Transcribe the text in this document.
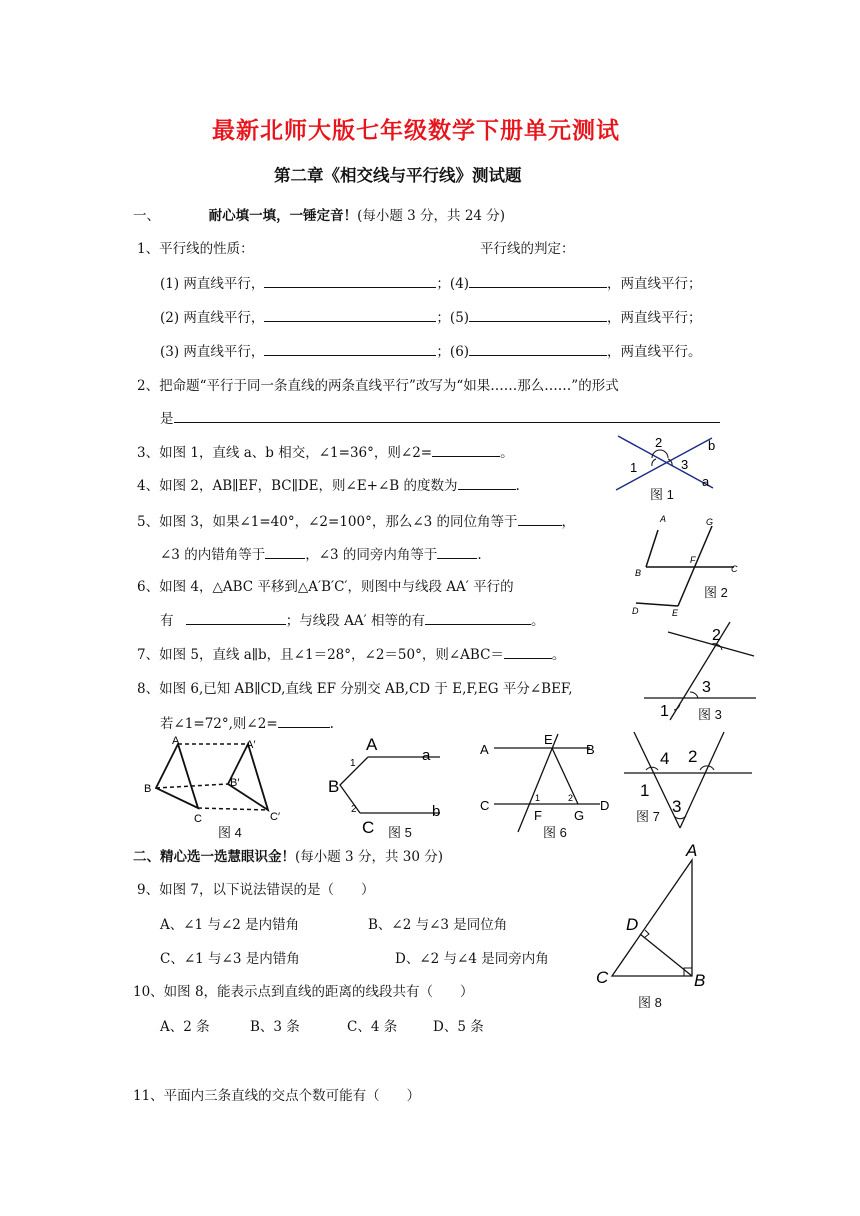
最新北师大版七年级数学下册单元测试
第二章《相交线与平行线》测试题
一、	耐心填一填，一锤定音！(每小题 3 分，共 24 分)
1、平行线的性质：	平行线的判定：
(1) 两直线平行，	；(4)	，两直线平行；
(2) 两直线平行，	；(5)	，两直线平行；
(3) 两直线平行，	；(6)	，两直线平行。
2、把命题“平行于同一条直线的两条直线平行”改写为“如果……那么……”的形式
是
3、如图 1，直线 a、b 相交，∠1=36°，则∠2=	。
4、如图 2，AB∥EF，BC∥DE，则∠E+∠B 的度数为	.
5、如图 3，如果∠1=40°，∠2=100°，那么∠3 的同位角等于	，
∠3 的内错角等于	，∠3 的同旁内角等于	.
6、如图 4，△ABC 平移到△A′B′C′，则图中与线段 AA′ 平行的
有	；与线段 AA′ 相等的有	。
7、如图 5，直线 a∥b，且∠1＝28°，∠2＝50°，则∠ABC＝	。
8、如图 6,已知 AB∥CD,直线 EF 分别交 AB,CD 于 E,F,EG 平分∠BEF,
若∠1=72°,则∠2=	.
二、精心选一选慧眼识金！(每小题 3 分，共 30 分)
9、如图 7，以下说法错误的是（　　）
A、∠1 与∠2 是内错角	B、∠2 与∠3 是同位角
C、∠1 与∠3 是内错角	D、∠2 与∠4 是同旁内角
10、如图 8，能表示点到直线的距离的线段共有（　　）
A、2 条	B、3 条	C、4 条	D、5 条
11、平面内三条直线的交点个数可能有（　　）
1
2
3
a
b
图 1
A	G
F
B	C
D	E
图 2
1
2
3
图 3
A	A′
B	B′
C	C′
图 4
A
a
B
1
2
C
b
图 5
A
E
B
C	1	2 D
F G
图 6
4 2
1
3
图 7
A
D
C	B
图 8
